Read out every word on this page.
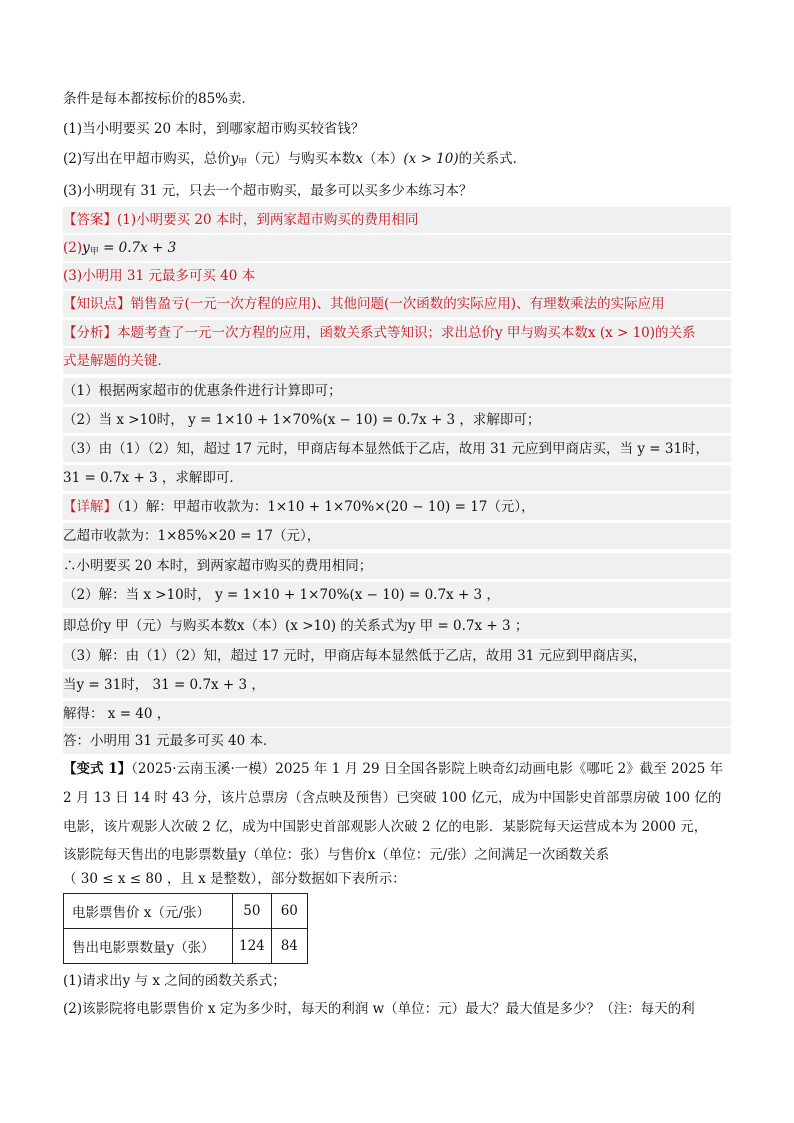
条件是每本都按标价的85%卖．
(1)当小明要买 20 本时，到哪家超市购买较省钱？
(2)写出在甲超市购买，总价$y_甲$（元）与购买本数x（本）(x > 10)的关系式．
(3)小明现有 31 元，只去一个超市购买，最多可以买多少本练习本？
【答案】(1)小明要买 20 本时，到两家超市购买的费用相同
$(2)y_甲 = 0.7x + 3$
(3)小明用 31 元最多可买 40 本
【知识点】销售盈亏(一元一次方程的应用)、其他问题(一次函数的实际应用)、有理数乘法的实际应用
【分析】本题考查了一元一次方程的应用，函数关系式等知识；求出总价y 甲与购买本数x (x > 10)的关系
式是解题的关键．
（1）根据两家超市的优惠条件进行计算即可；
（2）当 x >10时， y = 1×10 + 1×70%(x − 10) = 0.7x + 3 ，求解即可；
（3）由（1）（2）知，超过 17 元时，甲商店每本显然低于乙店，故用 31 元应到甲商店买，当 y = 31时，
31 = 0.7x + 3 ，求解即可．
【详解】（1）解：甲超市收款为：1×10 + 1×70%×(20 − 10) = 17（元），
乙超市收款为：1×85%×20 = 17（元），
∴小明要买 20 本时，到两家超市购买的费用相同；
（2）解：当 x >10时， y = 1×10 + 1×70%(x − 10) = 0.7x + 3 ，
即总价y 甲（元）与购买本数x（本）(x >10) 的关系式为y 甲 = 0.7x + 3 ；
（3）解：由（1）（2）知，超过 17 元时，甲商店每本显然低于乙店，故用 31 元应到甲商店买，
当y = 31时， 31 = 0.7x + 3 ，
解得： x = 40 ，
答：小明用 31 元最多可买 40 本．
【变式 1】（2025·云南玉溪·一模）2025 年 1 月 29 日全国各影院上映奇幻动画电影《哪吒 2》截至 2025 年
2 月 13 日 14 时 43 分，该片总票房（含点映及预售）已突破 100 亿元，成为中国影史首部票房破 100 亿的
电影，该片观影人次破 2 亿，成为中国影史首部观影人次破 2 亿的电影．某影院每天运营成本为 2000 元，
该影院每天售出的电影票数量y（单位：张）与售价x（单位：元/张）之间满足一次函数关系
（ 30 ≤ x ≤ 80 ，且 x 是整数），部分数据如下表所示：
电影票售价 x（元/张）	50	60
售出电影票数量y（张）	124	84
(1)请求出y 与 x 之间的函数关系式；
(2)该影院将电影票售价 x 定为多少时，每天的利润 w（单位：元）最大？最大值是多少？（注：每天的利
